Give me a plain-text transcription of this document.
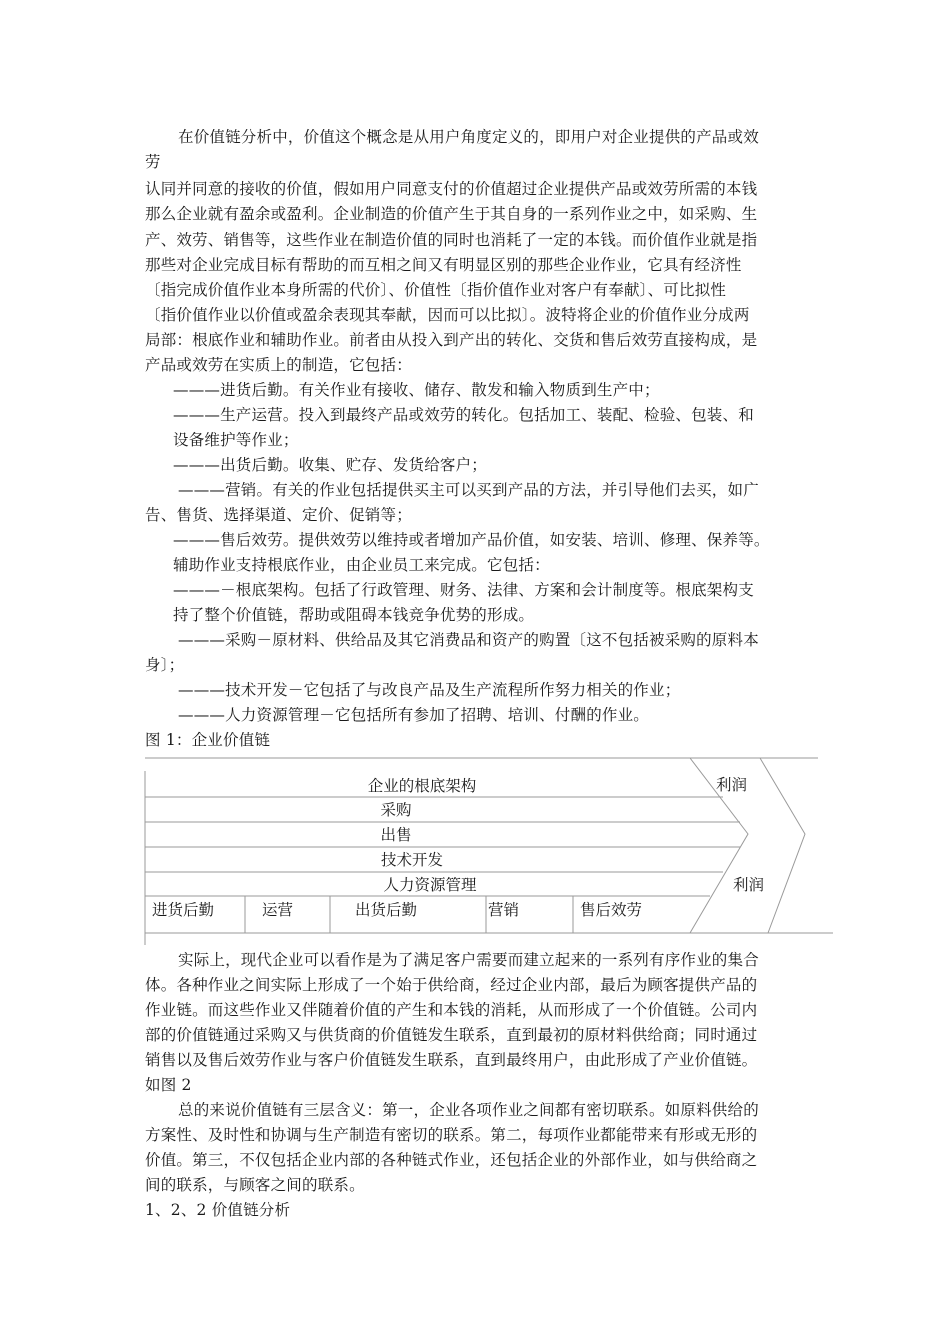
在价值链分析中，价值这个概念是从用户角度定义的，即用户对企业提供的产品或效
劳
认同并同意的接收的价值，假如用户同意支付的价值超过企业提供产品或效劳所需的本钱
那么企业就有盈余或盈利。企业制造的价值产生于其自身的一系列作业之中，如采购、生
产、效劳、销售等，这些作业在制造价值的同时也消耗了一定的本钱。而价值作业就是指
那些对企业完成目标有帮助的而互相之间又有明显区别的那些企业作业，它具有经济性
〔指完成价值作业本身所需的代价〕、价值性〔指价值作业对客户有奉献〕、可比拟性
〔指价值作业以价值或盈余表现其奉献，因而可以比拟〕。波特将企业的价值作业分成两
局部：根底作业和辅助作业。前者由从投入到产出的转化、交货和售后效劳直接构成，是
产品或效劳在实质上的制造，它包括：
———进货后勤。有关作业有接收、储存、散发和输入物质到生产中；
———生产运营。投入到最终产品或效劳的转化。包括加工、装配、检验、包装、和
设备维护等作业；
———出货后勤。收集、贮存、发货给客户；
———营销。有关的作业包括提供买主可以买到产品的方法，并引导他们去买，如广
告、售货、选择渠道、定价、促销等；
———售后效劳。提供效劳以维持或者增加产品价值，如安装、培训、修理、保养等。
辅助作业支持根底作业，由企业员工来完成。它包括：
———－根底架构。包括了行政管理、财务、法律、方案和会计制度等。根底架构支
持了整个价值链，帮助或阻碍本钱竞争优势的形成。
———采购－原材料、供给品及其它消费品和资产的购置〔这不包括被采购的原料本
身〕；
———技术开发－它包括了与改良产品及生产流程所作努力相关的作业；
———人力资源管理－它包括所有参加了招聘、培训、付酬的作业。
图 1：企业价值链
企业的根底架构
采购
出售
技术开发
人力资源管理
进货后勤	运营	出货后勤	营销	售后效劳
利润
利润
实际上，现代企业可以看作是为了满足客户需要而建立起来的一系列有序作业的集合
体。各种作业之间实际上形成了一个始于供给商，经过企业内部，最后为顾客提供产品的
作业链。而这些作业又伴随着价值的产生和本钱的消耗，从而形成了一个价值链。公司内
部的价值链通过采购又与供货商的价值链发生联系，直到最初的原材料供给商；同时通过
销售以及售后效劳作业与客户价值链发生联系，直到最终用户，由此形成了产业价值链。
如图 2
总的来说价值链有三层含义：第一，企业各项作业之间都有密切联系。如原料供给的
方案性、及时性和协调与生产制造有密切的联系。第二，每项作业都能带来有形或无形的
价值。第三，不仅包括企业内部的各种链式作业，还包括企业的外部作业，如与供给商之
间的联系，与顾客之间的联系。
1、2、2 价值链分析
